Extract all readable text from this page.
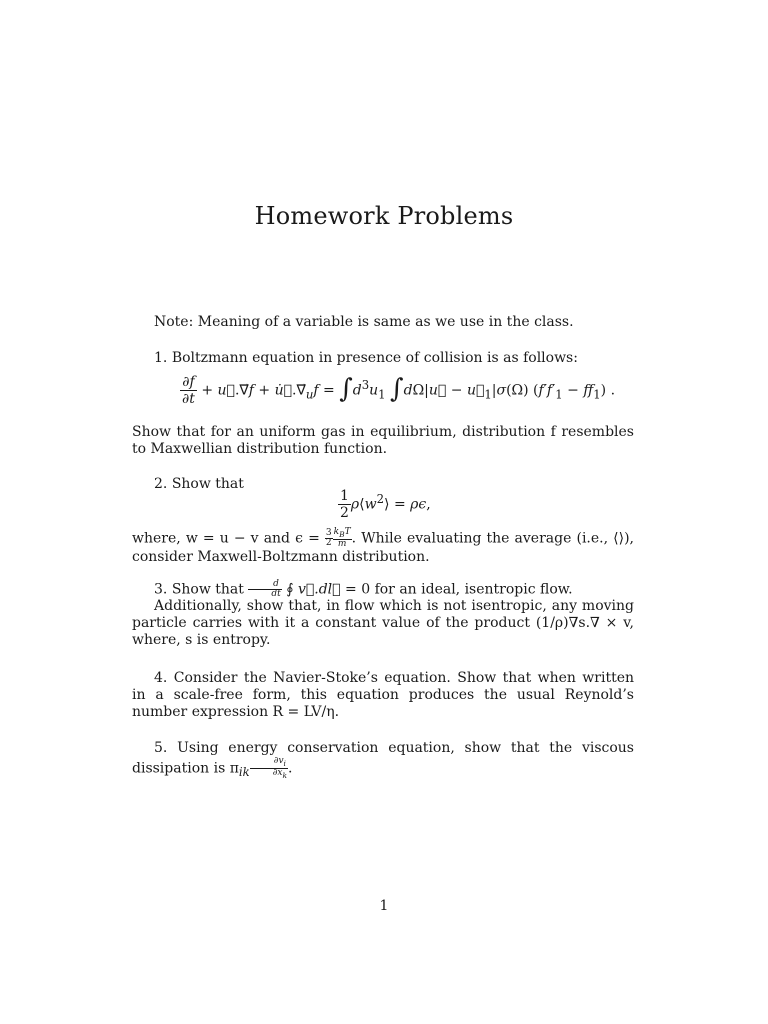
Homework Problems
Note: Meaning of a variable is same as we use in the class.
1. Boltzmann equation in presence of collision is as follows:
$\frac{\partial f}{\partial t}$ + u⃗.∇⃗f + $u̇⃗.\nabla⃗_uf = \int d^3u_1$ ∫dΩ|u⃗ − $u⃗_1|\sigma(\Omega) (f'f'_1 - ff_1)$ .
Show that for an uniform gas in equilibrium, distribution f resembles to Maxwellian distribution function.
2. Show that
$\frac{1}{2}$ $\rho⟨w^2⟩ = \rho\epsilon$,
where, w = u − v and $\epsilon = \frac{3}{2} \frac{k_BT}{m}$ . While evaluating the average (i.e., ⟨⟩), consider Maxwell-Boltzmann distribution.
3. Show that $\frac{d}{dt}$ ∮ v⃗.dl⃗ = 0 for an ideal, isentropic flow.
Additionally, show that, in flow which is not isentropic, any moving particle carries with it a constant value of the product (1/ρ)∇s.∇ × v, where, s is entropy.
4. Consider the Navier-Stoke’s equation. Show that when written in a scale-free form, this equation produces the usual Reynold’s number expression R = LV/η.
5. Using energy conservation equation, show that the viscous dissipation is $\pi_{ik} \frac{\partial v_i}{\partial x_k}$ .
1
